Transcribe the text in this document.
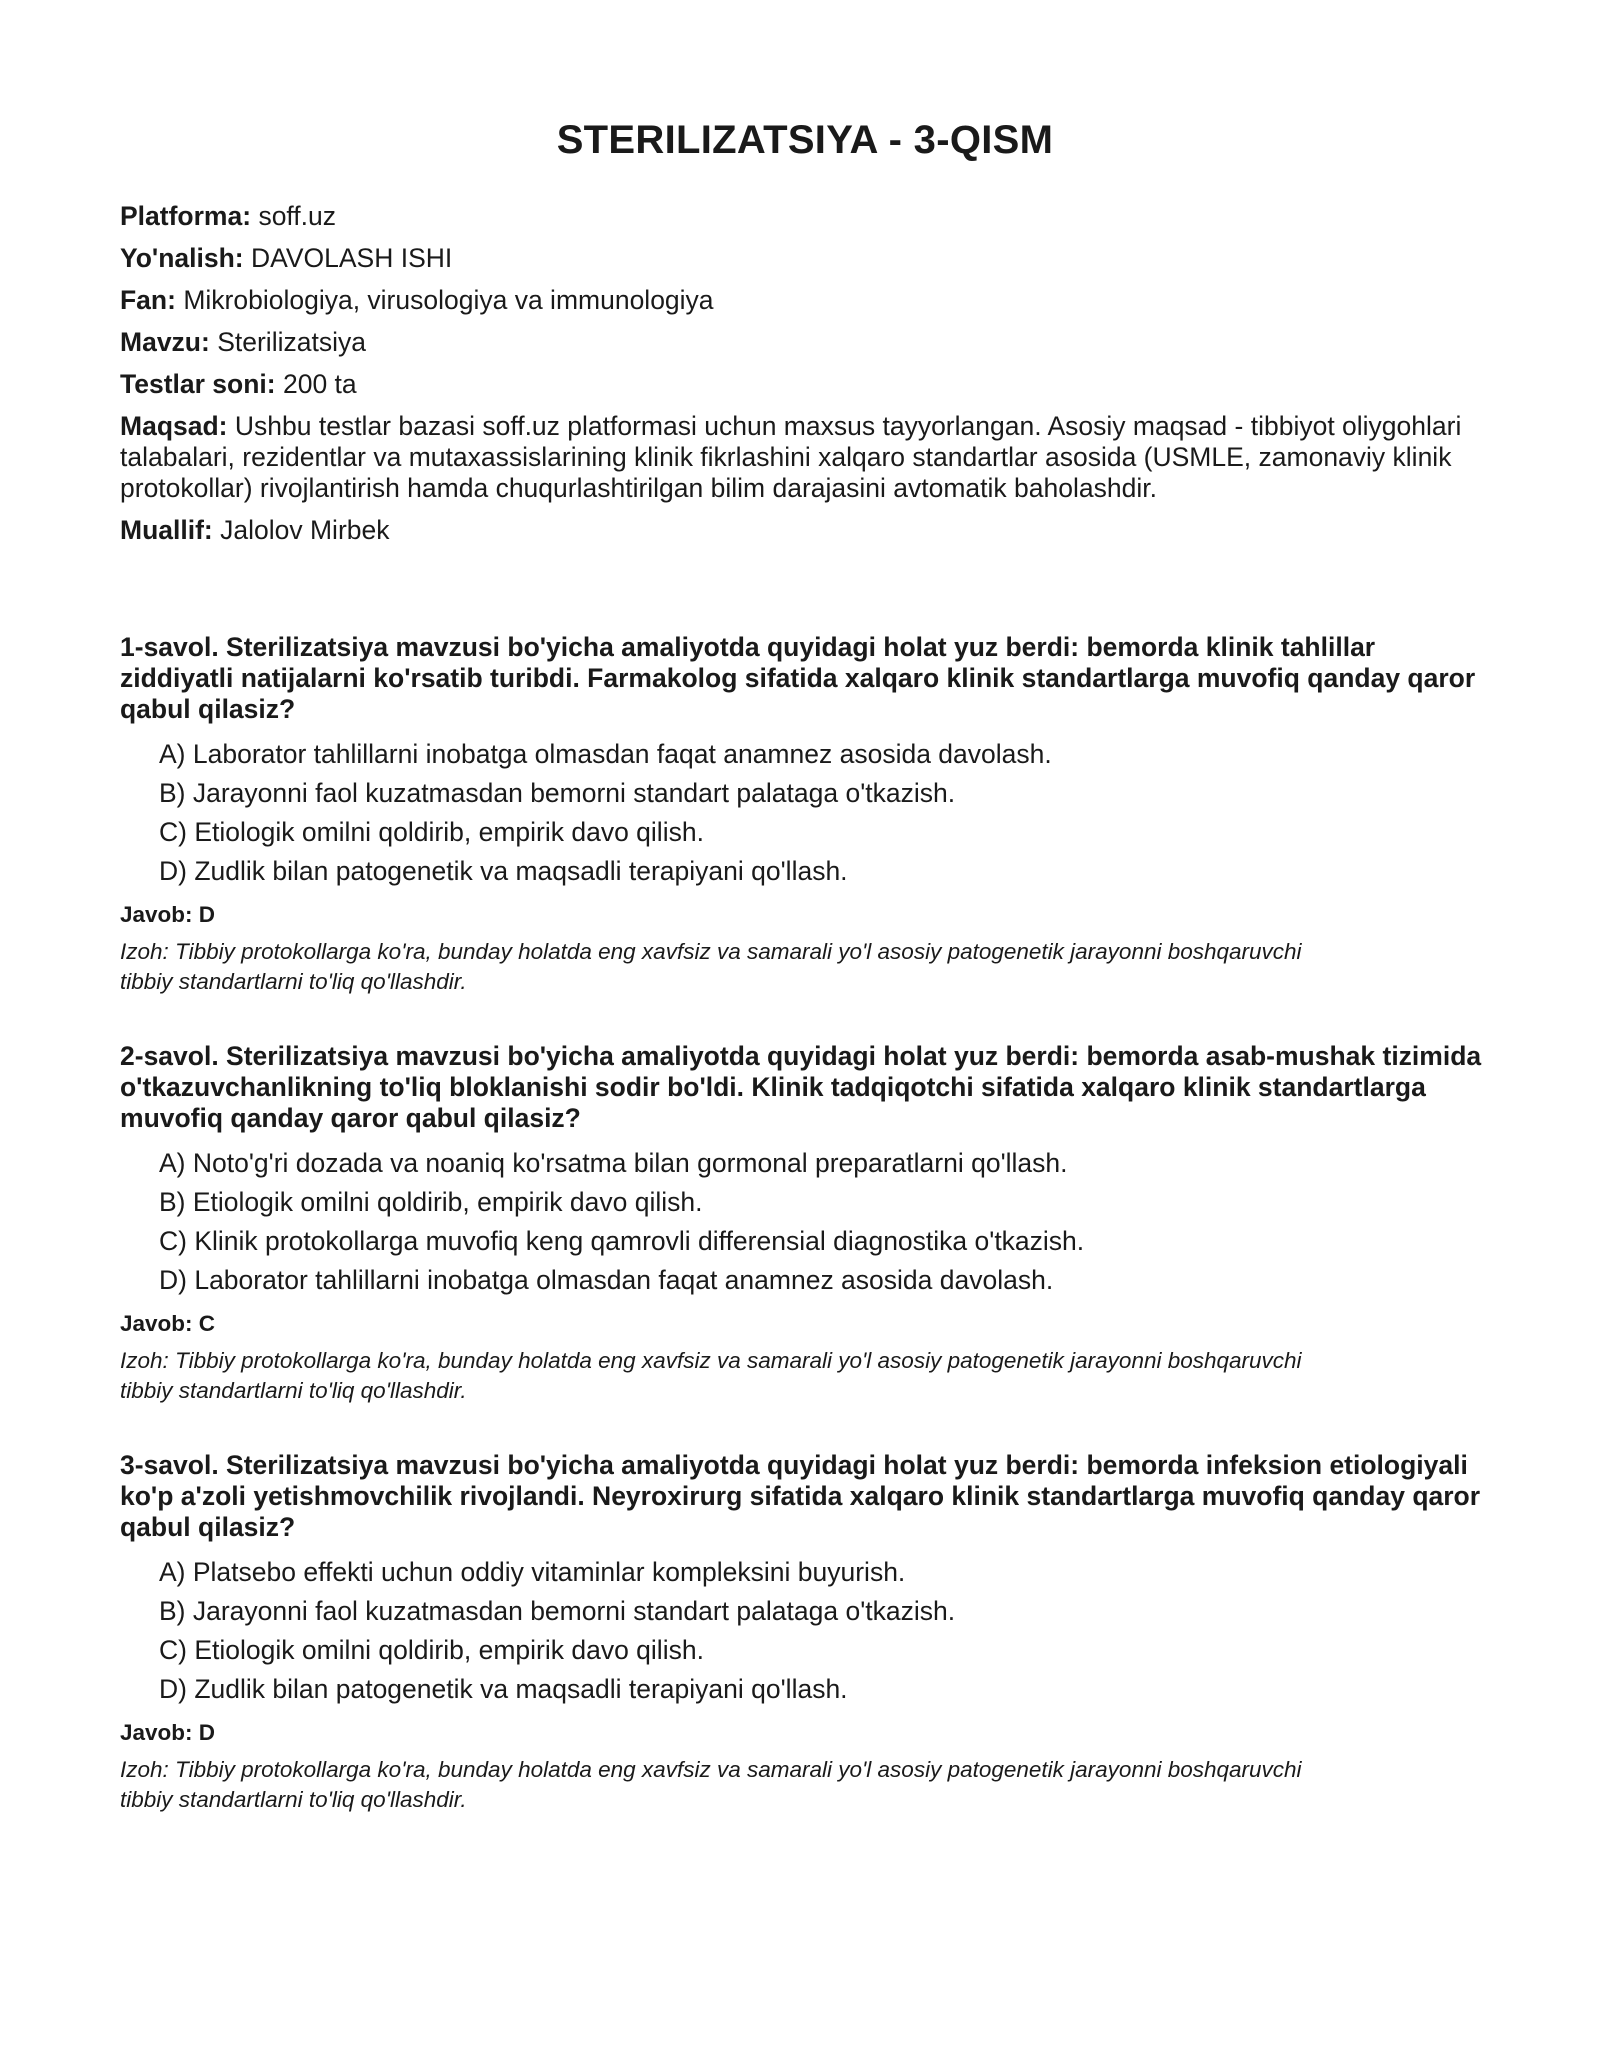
STERILIZATSIYA - 3-QISM

Platforma: soff.uz

Yo'nalish: DAVOLASH ISHI

Fan: Mikrobiologiya, virusologiya va immunologiya

Mavzu: Sterilizatsiya

Testlar soni: 200 ta

Maqsad: Ushbu testlar bazasi soff.uz platformasi uchun maxsus tayyorlangan. Asosiy maqsad - tibbiyot oliygohlari talabalari, rezidentlar va mutaxassislarining klinik fikrlashini xalqaro standartlar asosida (USMLE, zamonaviy klinik protokollar) rivojlantirish hamda chuqurlashtirilgan bilim darajasini avtomatik baholashdir.

Muallif: Jalolov Mirbek

1-savol. Sterilizatsiya mavzusi bo'yicha amaliyotda quyidagi holat yuz berdi: bemorda klinik tahlillar ziddiyatli natijalarni ko'rsatib turibdi. Farmakolog sifatida xalqaro klinik standartlarga muvofiq qanday qaror qabul qilasiz?

A) Laborator tahlillarni inobatga olmasdan faqat anamnez asosida davolash.
B) Jarayonni faol kuzatmasdan bemorni standart palataga o'tkazish.
C) Etiologik omilni qoldirib, empirik davo qilish.
D) Zudlik bilan patogenetik va maqsadli terapiyani qo'llash.

Javob: D

Izoh: Tibbiy protokollarga ko'ra, bunday holatda eng xavfsiz va samarali yo'l asosiy patogenetik jarayonni boshqaruvchi tibbiy standartlarni to'liq qo'llashdir.

2-savol. Sterilizatsiya mavzusi bo'yicha amaliyotda quyidagi holat yuz berdi: bemorda asab-mushak tizimida o'tkazuvchanlikning to'liq bloklanishi sodir bo'ldi. Klinik tadqiqotchi sifatida xalqaro klinik standartlarga muvofiq qanday qaror qabul qilasiz?

A) Noto'g'ri dozada va noaniq ko'rsatma bilan gormonal preparatlarni qo'llash.
B) Etiologik omilni qoldirib, empirik davo qilish.
C) Klinik protokollarga muvofiq keng qamrovli differensial diagnostika o'tkazish.
D) Laborator tahlillarni inobatga olmasdan faqat anamnez asosida davolash.

Javob: C

Izoh: Tibbiy protokollarga ko'ra, bunday holatda eng xavfsiz va samarali yo'l asosiy patogenetik jarayonni boshqaruvchi tibbiy standartlarni to'liq qo'llashdir.

3-savol. Sterilizatsiya mavzusi bo'yicha amaliyotda quyidagi holat yuz berdi: bemorda infeksion etiologiyali ko'p a'zoli yetishmovchilik rivojlandi. Neyroxirurg sifatida xalqaro klinik standartlarga muvofiq qanday qaror qabul qilasiz?

A) Platsebo effekti uchun oddiy vitaminlar kompleksini buyurish.
B) Jarayonni faol kuzatmasdan bemorni standart palataga o'tkazish.
C) Etiologik omilni qoldirib, empirik davo qilish.
D) Zudlik bilan patogenetik va maqsadli terapiyani qo'llash.

Javob: D

Izoh: Tibbiy protokollarga ko'ra, bunday holatda eng xavfsiz va samarali yo'l asosiy patogenetik jarayonni boshqaruvchi tibbiy standartlarni to'liq qo'llashdir.
